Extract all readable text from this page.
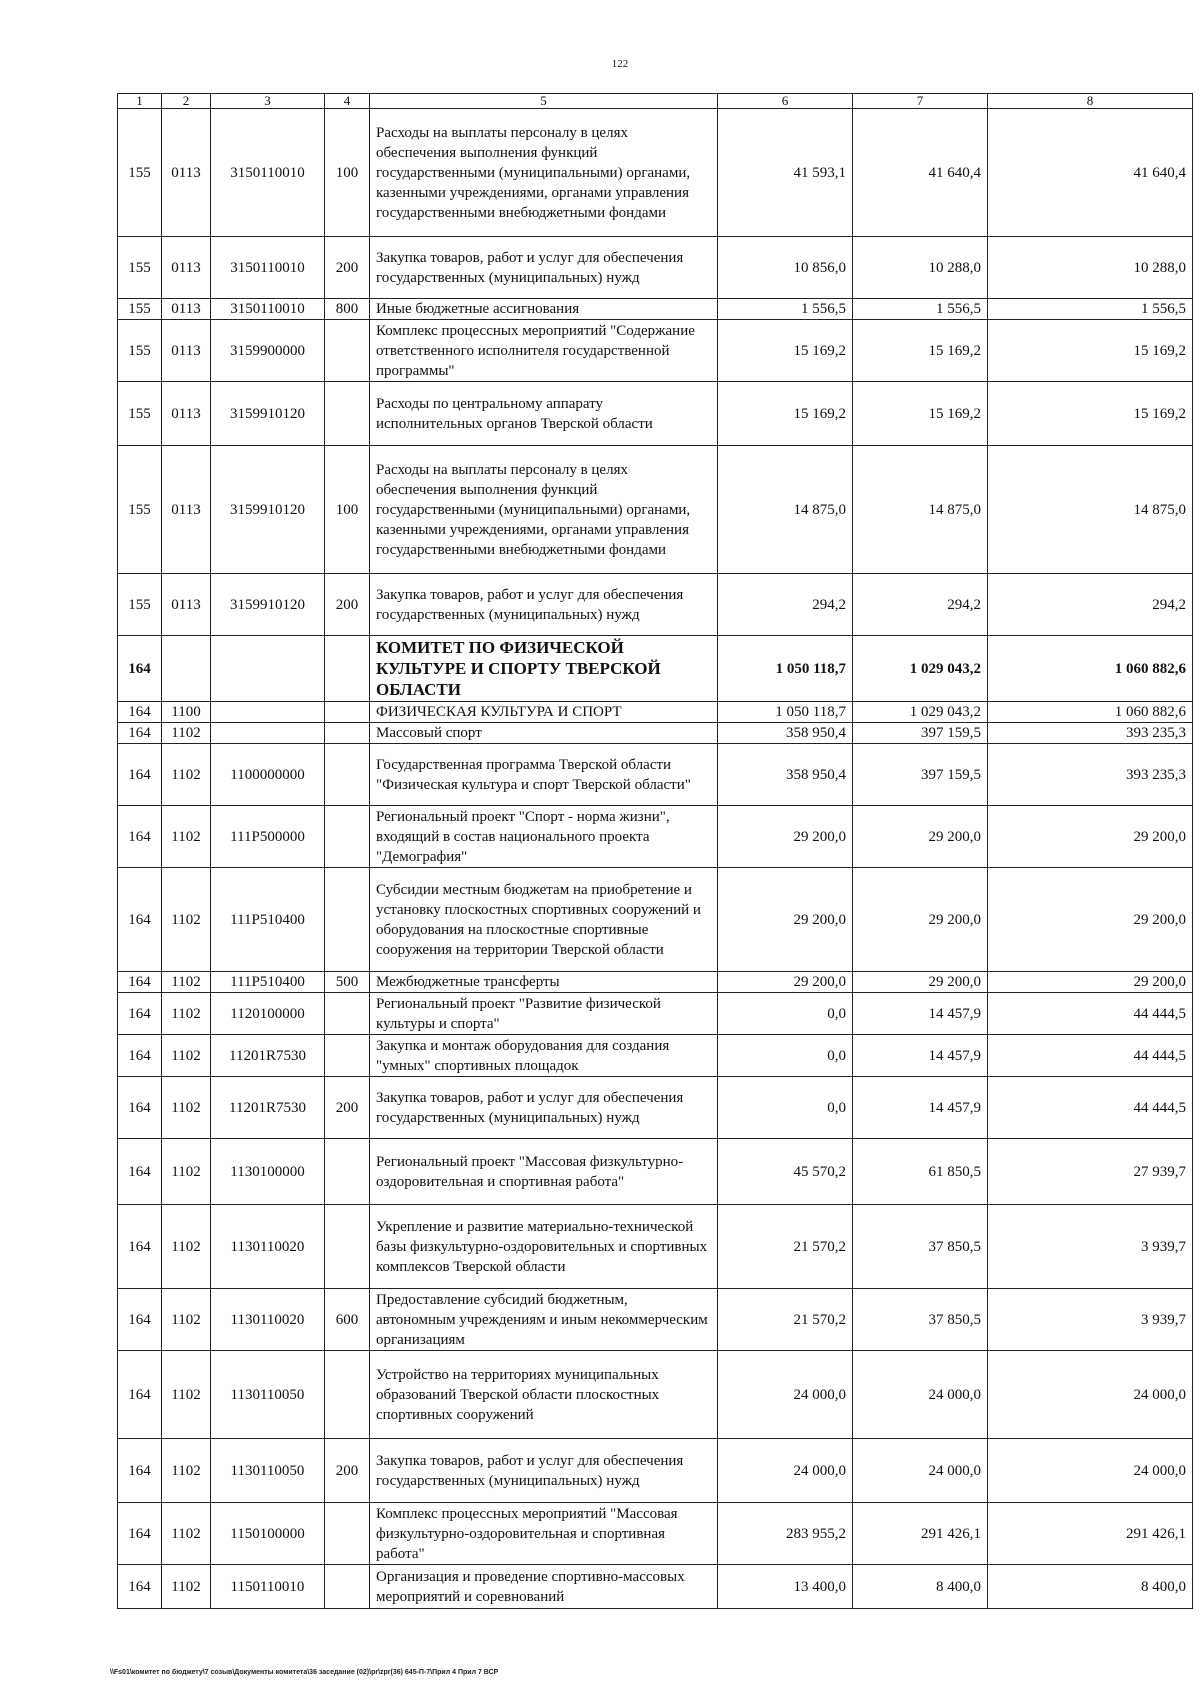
122
1	2	3	4	5	6	7	8
155	0113	3150110010	100	Расходы на выплаты персоналу в целях обеспечения выполнения функций государственными (муниципальными) органами, казенными учреждениями, органами управления государственными внебюджетными фондами	41 593,1	41 640,4	41 640,4
155	0113	3150110010	200	Закупка товаров, работ и услуг для обеспечения государственных (муниципальных) нужд	10 856,0	10 288,0	10 288,0
155	0113	3150110010	800	Иные бюджетные ассигнования	1 556,5	1 556,5	1 556,5
155	0113	3159900000		Комплекс процессных мероприятий "Содержание ответственного исполнителя государственной программы"	15 169,2	15 169,2	15 169,2
155	0113	3159910120		Расходы по центральному аппарату исполнительных органов Тверской области	15 169,2	15 169,2	15 169,2
155	0113	3159910120	100	Расходы на выплаты персоналу в целях обеспечения выполнения функций государственными (муниципальными) органами, казенными учреждениями, органами управления государственными внебюджетными фондами	14 875,0	14 875,0	14 875,0
155	0113	3159910120	200	Закупка товаров, работ и услуг для обеспечения государственных (муниципальных) нужд	294,2	294,2	294,2
164				КОМИТЕТ ПО ФИЗИЧЕСКОЙ КУЛЬТУРЕ И СПОРТУ ТВЕРСКОЙ ОБЛАСТИ	1 050 118,7	1 029 043,2	1 060 882,6
164	1100			ФИЗИЧЕСКАЯ КУЛЬТУРА И СПОРТ	1 050 118,7	1 029 043,2	1 060 882,6
164	1102			Массовый спорт	358 950,4	397 159,5	393 235,3
164	1102	1100000000		Государственная программа Тверской области "Физическая культура и спорт Тверской области"	358 950,4	397 159,5	393 235,3
164	1102	111P500000		Региональный проект "Спорт - норма жизни", входящий в состав национального проекта "Демография"	29 200,0	29 200,0	29 200,0
164	1102	111P510400		Субсидии местным бюджетам на приобретение и установку плоскостных спортивных сооружений и оборудования на плоскостные спортивные сооружения на территории Тверской области	29 200,0	29 200,0	29 200,0
164	1102	111P510400	500	Межбюджетные трансферты	29 200,0	29 200,0	29 200,0
164	1102	1120100000		Региональный проект "Развитие физической культуры и спорта"	0,0	14 457,9	44 444,5
164	1102	11201R7530		Закупка и монтаж оборудования для создания "умных" спортивных площадок	0,0	14 457,9	44 444,5
164	1102	11201R7530	200	Закупка товаров, работ и услуг для обеспечения государственных (муниципальных) нужд	0,0	14 457,9	44 444,5
164	1102	1130100000		Региональный проект "Массовая физкультурно-оздоровительная и спортивная работа"	45 570,2	61 850,5	27 939,7
164	1102	1130110020		Укрепление и развитие материально-технической базы физкультурно-оздоровительных и спортивных комплексов Тверской области	21 570,2	37 850,5	3 939,7
164	1102	1130110020	600	Предоставление субсидий бюджетным, автономным учреждениям и иным некоммерческим организациям	21 570,2	37 850,5	3 939,7
164	1102	1130110050		Устройство на территориях муниципальных образований Тверской области плоскостных спортивных сооружений	24 000,0	24 000,0	24 000,0
164	1102	1130110050	200	Закупка товаров, работ и услуг для обеспечения государственных (муниципальных) нужд	24 000,0	24 000,0	24 000,0
164	1102	1150100000		Комплекс процессных мероприятий "Массовая физкультурно-оздоровительная и спортивная работа"	283 955,2	291 426,1	291 426,1
164	1102	1150110010		Организация и проведение спортивно-массовых мероприятий и соревнований	13 400,0	8 400,0	8 400,0
\\Fs01\комитет по бюджету\7 созыв\Документы комитета\36 заседание (02)\pr\zpr(36) 645-П-7\Прил 4 Прил 7 ВСР
